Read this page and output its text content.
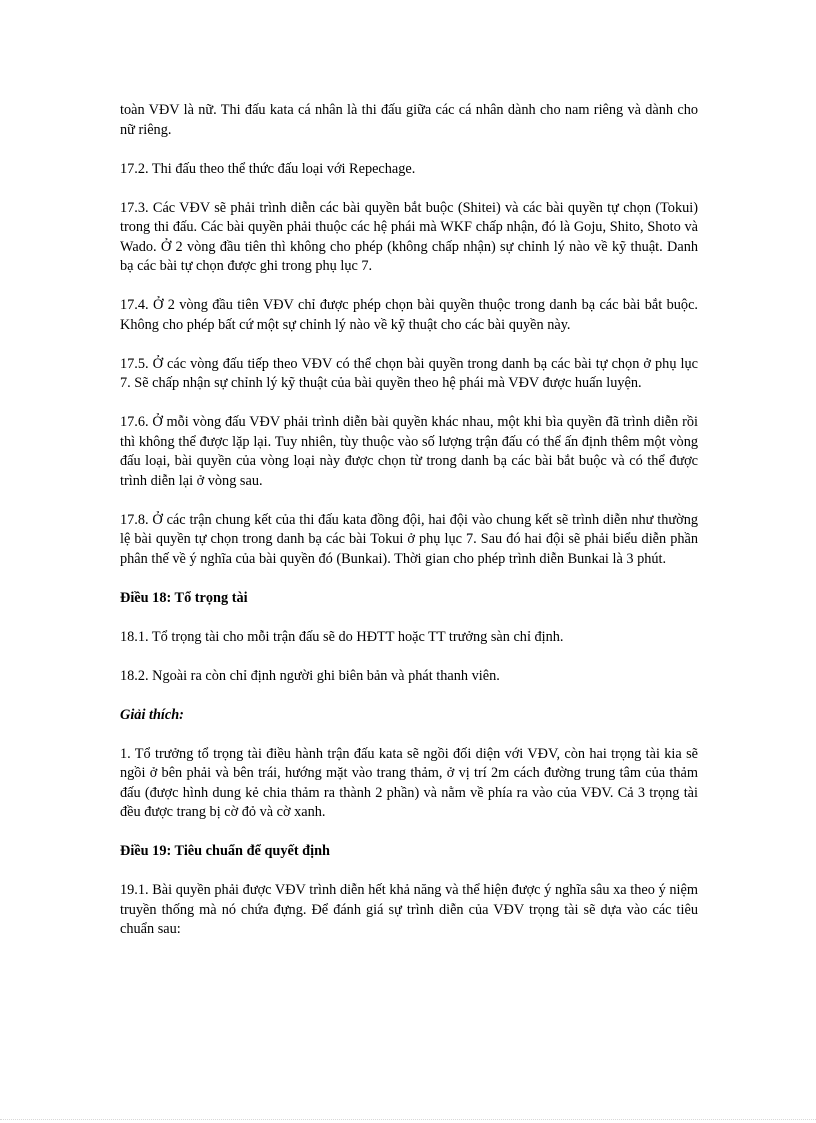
toàn VĐV là nữ. Thi đấu kata cá nhân là thi đấu giữa các cá nhân dành cho nam riêng và dành cho nữ riêng.

17.2. Thi đấu theo thể thức đấu loại với Repechage.

17.3. Các VĐV sẽ phải trình diễn các bài quyền bắt buộc (Shitei) và các bài quyền tự chọn (Tokui) trong thi đấu. Các bài quyền phải thuộc các hệ phái mà WKF chấp nhận, đó là Goju, Shito, Shoto và Wado. Ở 2 vòng đầu tiên thì không cho phép (không chấp nhận) sự chỉnh lý nào về kỹ thuật. Danh bạ các bài tự chọn được ghi trong phụ lục 7.

17.4. Ở 2 vòng đầu tiên VĐV chỉ được phép chọn bài quyền thuộc trong danh bạ các bài bắt buộc. Không cho phép bất cứ một sự chỉnh lý nào về kỹ thuật cho các bài quyền này.

17.5. Ở các vòng đấu tiếp theo VĐV có thể chọn bài quyền trong danh bạ các bài tự chọn ở phụ lục 7. Sẽ chấp nhận sự chỉnh lý kỹ thuật của bài quyền theo hệ phái mà VĐV được huấn luyện.

17.6. Ở mỗi vòng đấu VĐV phải trình diễn bài quyền khác nhau, một khi bìa quyền đã trình diễn rồi thì không thể được lặp lại. Tuy nhiên, tùy thuộc vào số lượng trận đấu có thể ấn định thêm một vòng đấu loại, bài quyền của vòng loại này được chọn từ trong danh bạ các bài bắt buộc và có thể được trình diễn lại ở vòng sau.

17.8. Ở các trận chung kết của thi đấu kata đồng đội, hai đội vào chung kết sẽ trình diễn như thường lệ bài quyền tự chọn trong danh bạ các bài Tokui ở phụ lục 7. Sau đó hai đội sẽ phải biểu diễn phần phân thế về ý nghĩa của bài quyền đó (Bunkai). Thời gian cho phép trình diễn Bunkai là 3 phút.

Điều 18: Tổ trọng tài

18.1. Tổ trọng tài cho mỗi trận đấu sẽ do HĐTT hoặc TT trưởng sàn chỉ định.

18.2. Ngoài ra còn chỉ định người ghi biên bản và phát thanh viên.

Giải thích:

1. Tổ trưởng tổ trọng tài điều hành trận đấu kata sẽ ngồi đối diện với VĐV, còn hai trọng tài kia sẽ ngồi ở bên phải và bên trái, hướng mặt vào trang thảm, ở vị trí 2m cách đường trung tâm của thảm đấu (được hình dung kẻ chia thảm ra thành 2 phần) và nằm về phía ra vào của VĐV. Cả 3 trọng tài đều được trang bị cờ đỏ và cờ xanh.

Điều 19: Tiêu chuẩn để quyết định

19.1. Bài quyền phải được VĐV trình diễn hết khả năng và thể hiện được ý nghĩa sâu xa theo ý niệm truyền thống mà nó chứa đựng. Để đánh giá sự trình diễn của VĐV trọng tài sẽ dựa vào các tiêu chuẩn sau:
